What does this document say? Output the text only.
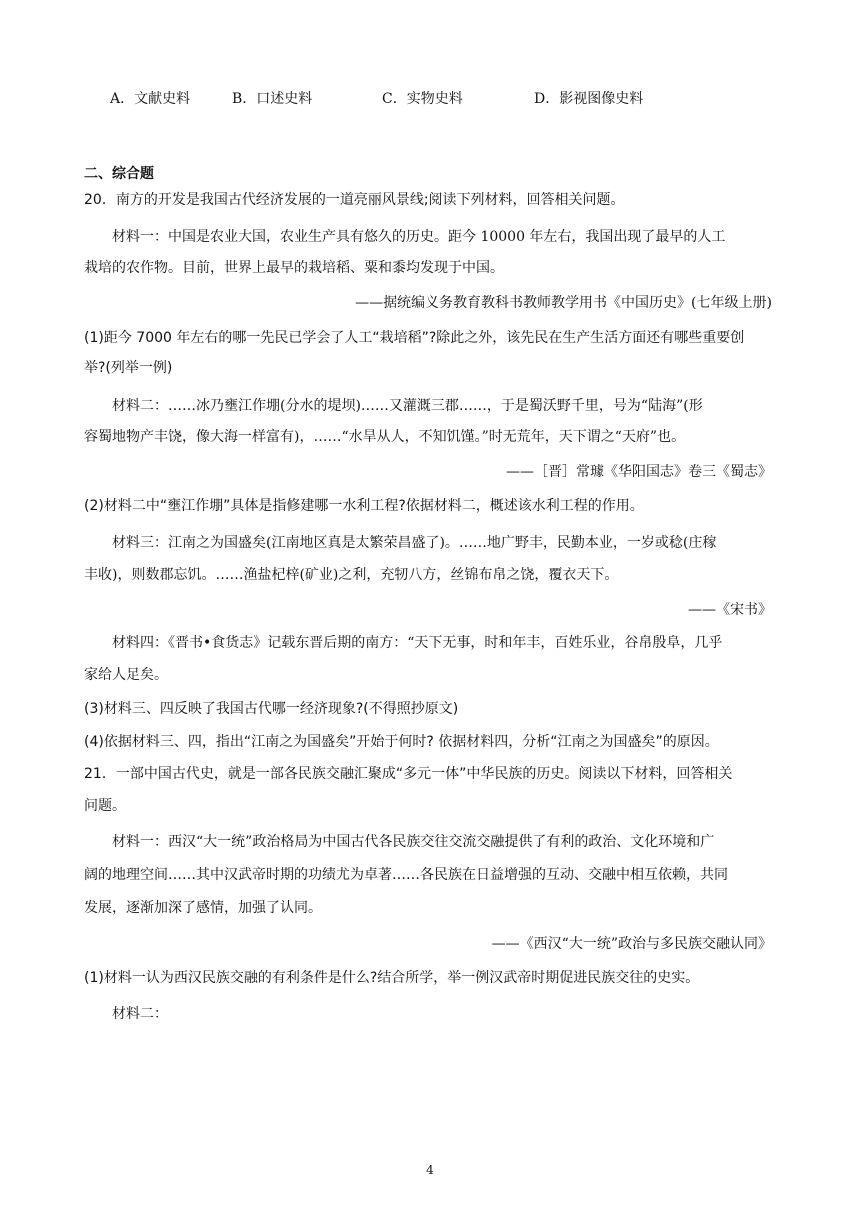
A．文献史料	B．口述史料	C．实物史料	D．影视图像史料
二、综合题
20．南方的开发是我国古代经济发展的一道亮丽风景线;阅读下列材料，回答相关问题。
材料一：中国是农业大国，农业生产具有悠久的历史。距今 10000 年左右，我国出现了最早的人工
栽培的农作物。目前，世界上最早的栽培稻、粟和黍均发现于中国。
——据统编义务教育教科书教师教学用书《中国历史》(七年级上册)
(1)距今 7000 年左右的哪一先民已学会了人工“栽培稻”?除此之外，该先民在生产生活方面还有哪些重要创
举?(列举一例)
材料二：……冰乃壅江作堋(分水的堤坝)……又灌溉三郡……，于是蜀沃野千里，号为“陆海”(形
容蜀地物产丰饶，像大海一样富有)，……“水旱从人，不知饥馑。”时无荒年，天下谓之“天府”也。
——［晋］常璩《华阳国志》卷三《蜀志》
(2)材料二中“壅江作堋”具体是指修建哪一水利工程?依据材料二，概述该水利工程的作用。
材料三：江南之为国盛矣(江南地区真是太繁荣昌盛了)。……地广野丰，民勤本业，一岁或稔(庄稼
丰收)，则数郡忘饥。……渔盐杞梓(矿业)之利，充牣八方，丝锦布帛之饶，覆衣天下。
——《宋书》
材料四：《晋书•食货志》记载东晋后期的南方：“天下无事，时和年丰，百姓乐业，谷帛殷阜，几乎
家给人足矣。
(3)材料三、四反映了我国古代哪一经济现象?(不得照抄原文)
(4)依据材料三、四，指出“江南之为国盛矣”开始于何时? 依据材料四，分析“江南之为国盛矣”的原因。
21．一部中国古代史，就是一部各民族交融汇聚成“多元一体”中华民族的历史。阅读以下材料，回答相关
问题。
材料一：西汉“大一统”政治格局为中国古代各民族交往交流交融提供了有利的政治、文化环境和广
阔的地理空间……其中汉武帝时期的功绩尤为卓著……各民族在日益增强的互动、交融中相互依赖，共同
发展，逐渐加深了感情，加强了认同。
——《西汉“大一统”政治与多民族交融认同》
(1)材料一认为西汉民族交融的有利条件是什么?结合所学，举一例汉武帝时期促进民族交往的史实。
材料二：
4
